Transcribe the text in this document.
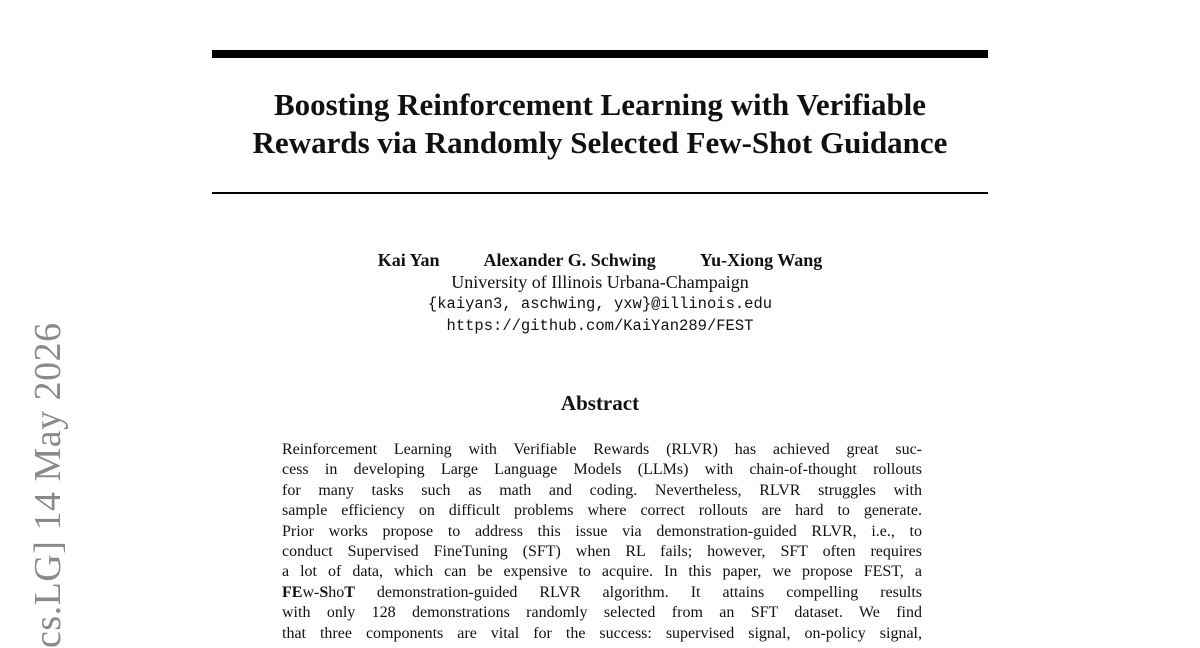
cs.LG] 14 May 2026
Boosting Reinforcement Learning with Verifiable
Rewards via Randomly Selected Few-Shot Guidance
Kai Yan Alexander G. Schwing Yu-Xiong Wang
University of Illinois Urbana-Champaign
{kaiyan3, aschwing, yxw}@illinois.edu
https://github.com/KaiYan289/FEST
Abstract
Reinforcement Learning with Verifiable Rewards (RLVR) has achieved great suc-
cess in developing Large Language Models (LLMs) with chain-of-thought rollouts
for many tasks such as math and coding. Nevertheless, RLVR struggles with
sample efficiency on difficult problems where correct rollouts are hard to generate.
Prior works propose to address this issue via demonstration-guided RLVR, i.e., to
conduct Supervised FineTuning (SFT) when RL fails; however, SFT often requires
a lot of data, which can be expensive to acquire. In this paper, we propose FEST, a
FEw-ShoT demonstration-guided RLVR algorithm. It attains compelling results
with only 128 demonstrations randomly selected from an SFT dataset. We find
that three components are vital for the success: supervised signal, on-policy signal,
